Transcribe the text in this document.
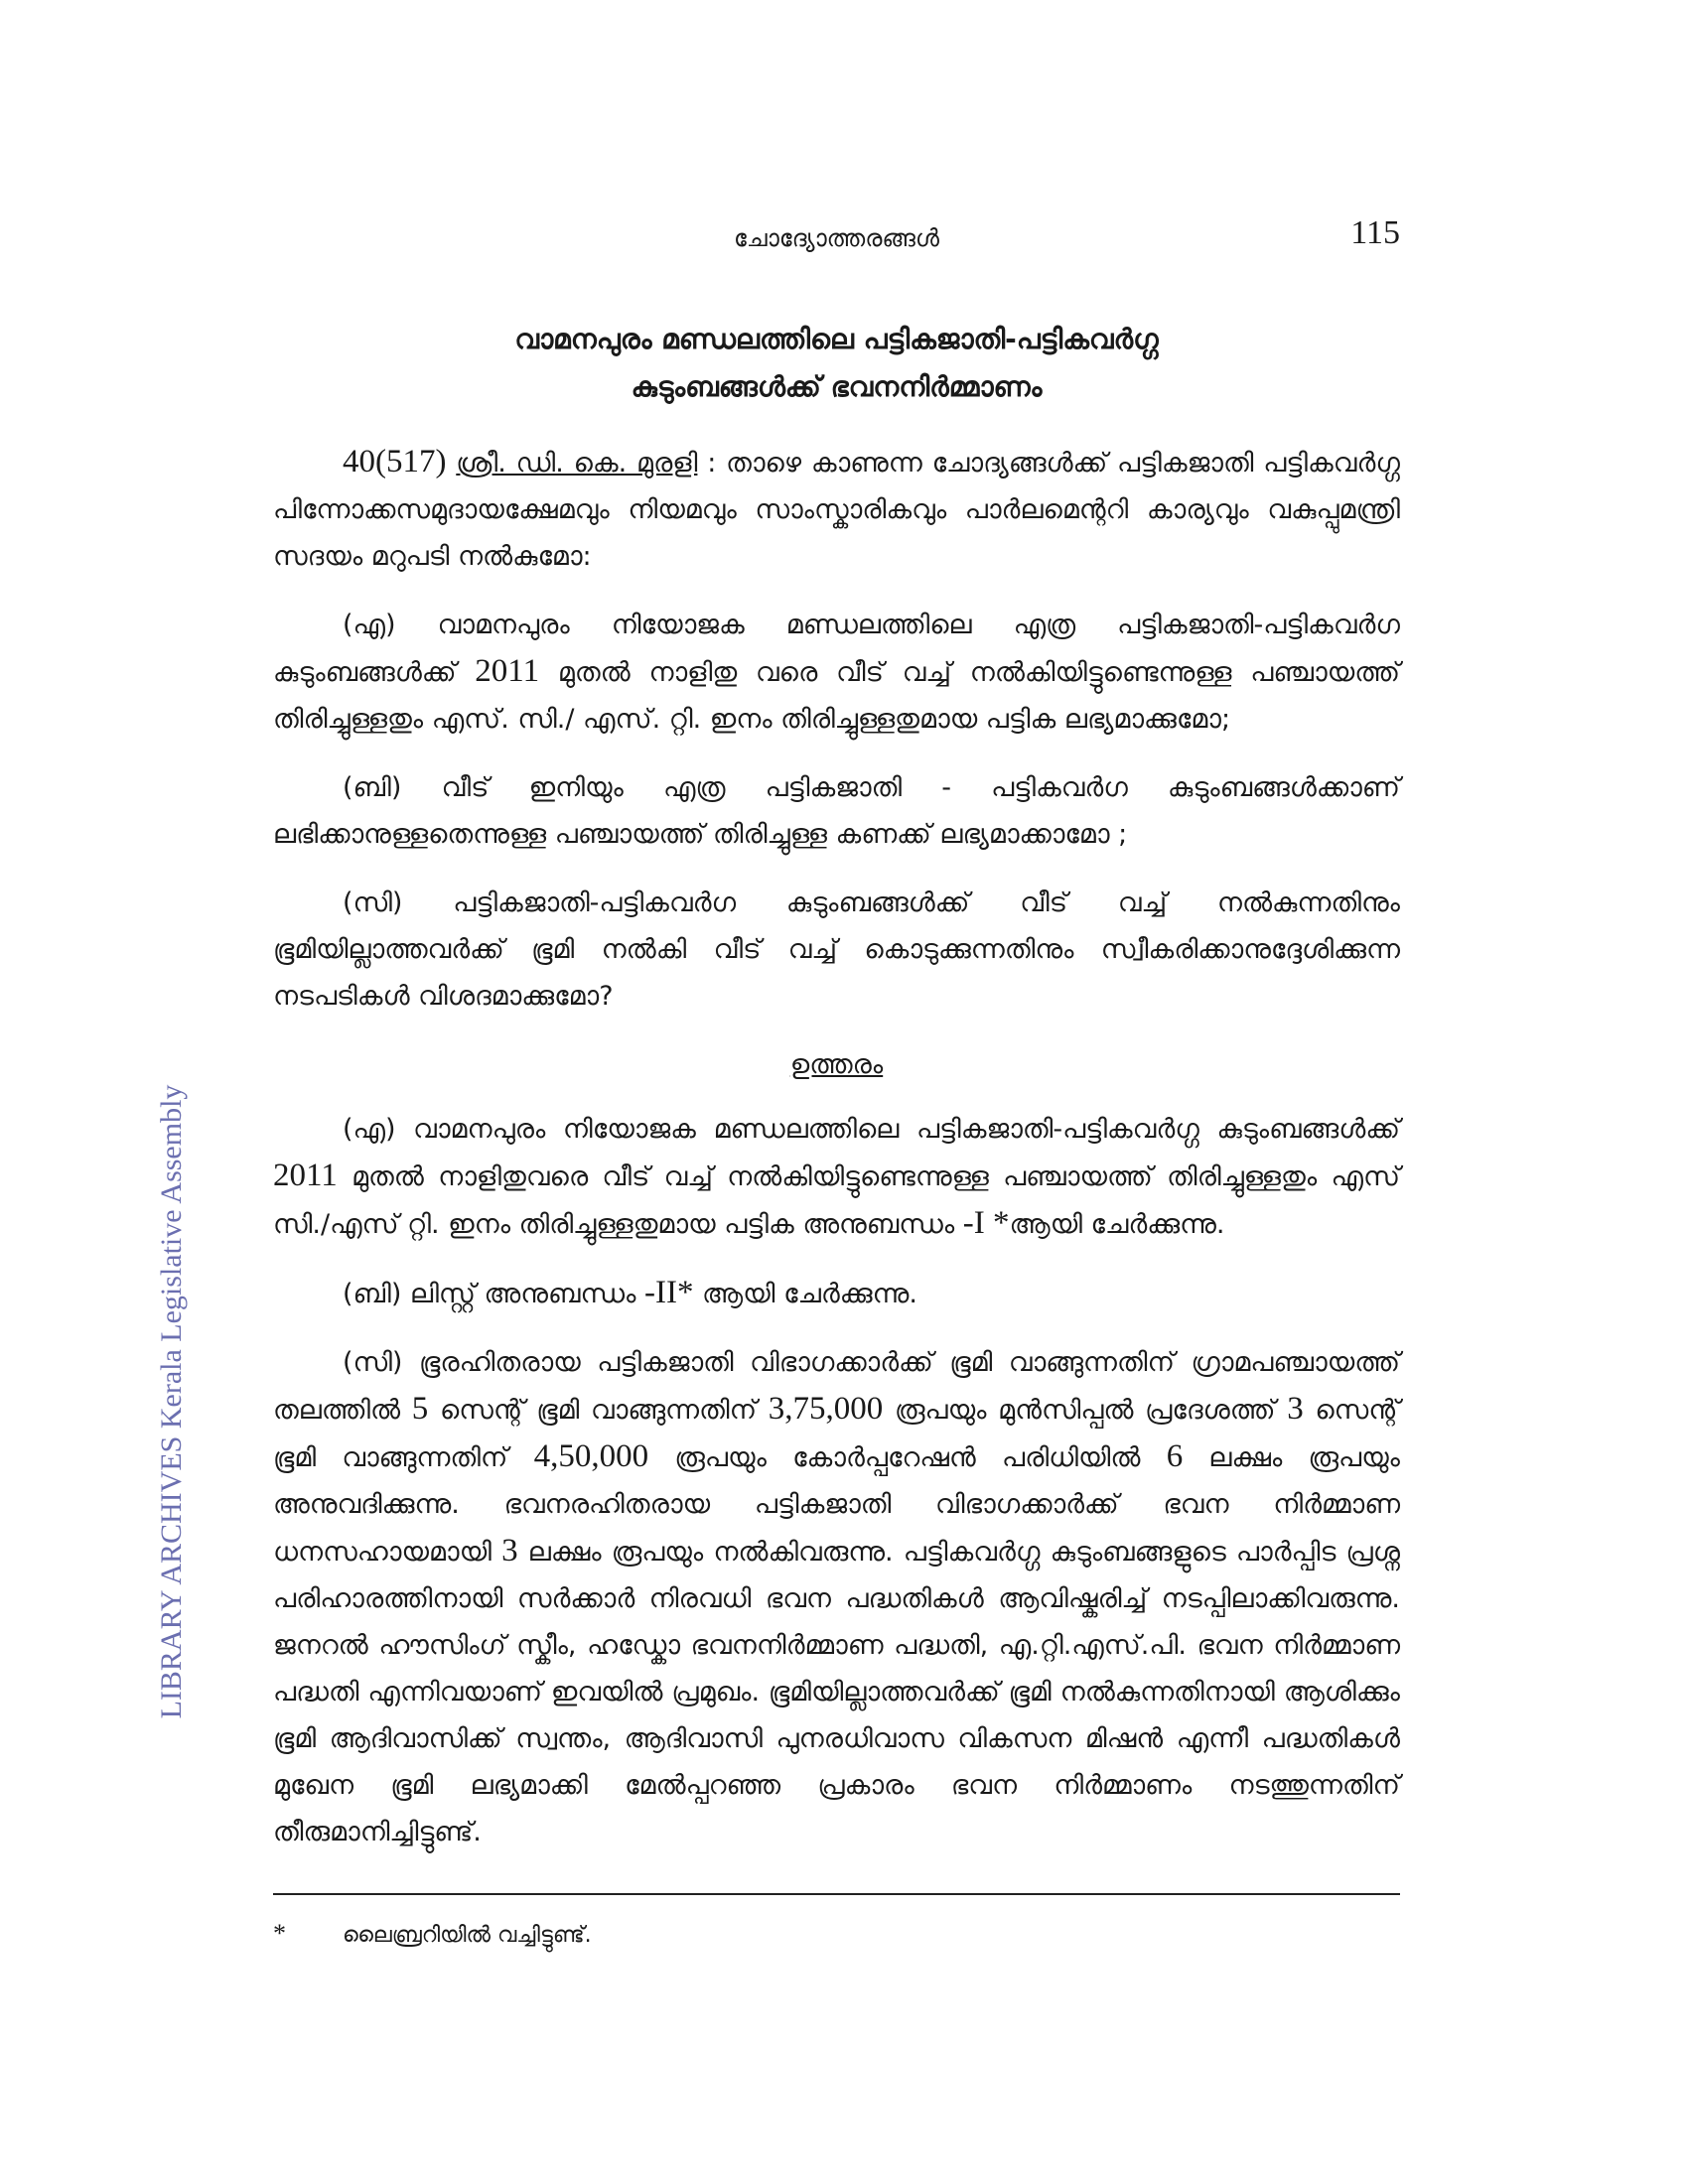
ചോദ്യോത്തരങ്ങൾ	115
LIBRARY ARCHIVES Kerala Legislative Assembly
വാമനപുരം മണ്ഡലത്തിലെ പട്ടികജാതി-പട്ടികവർഗ്ഗ
കുടുംബങ്ങൾക്ക് ഭവനനിർമ്മാണം

40(517) ശ്രീ. ഡി. കെ. മുരളി : താഴെ കാണുന്ന ചോദ്യങ്ങൾക്ക് പട്ടികജാതി പട്ടികവർഗ്ഗ പിന്നോക്കസമുദായക്ഷേമവും നിയമവും സാംസ്കാരികവും പാർലമെന്ററി കാര്യവും വകുപ്പുമന്ത്രി സദയം മറുപടി നൽകുമോ:

(എ) വാമനപുരം നിയോജക മണ്ഡലത്തിലെ എത്ര പട്ടികജാതി-പട്ടികവർഗ കുടുംബങ്ങൾക്ക് 2011 മുതൽ നാളിതു വരെ വീട് വച്ച് നൽകിയിട്ടുണ്ടെന്നുള്ള പഞ്ചായത്ത് തിരിച്ചുള്ളതും എസ്. സി./ എസ്. റ്റി. ഇനം തിരിച്ചുള്ളതുമായ പട്ടിക ലഭ്യമാക്കുമോ;

(ബി) വീട് ഇനിയും എത്ര പട്ടികജാതി - പട്ടികവർഗ കുടുംബങ്ങൾക്കാണ് ലഭിക്കാനുള്ളതെന്നുള്ള പഞ്ചായത്ത് തിരിച്ചുള്ള കണക്ക് ലഭ്യമാക്കാമോ ;

(സി) പട്ടികജാതി-പട്ടികവർഗ കുടുംബങ്ങൾക്ക് വീട് വച്ച് നൽകുന്നതിനും ഭൂമിയില്ലാത്തവർക്ക് ഭൂമി നൽകി വീട് വച്ച് കൊടുക്കുന്നതിനും സ്വീകരിക്കാനുദ്ദേശിക്കുന്ന നടപടികൾ വിശദമാക്കുമോ?

ഉത്തരം

(എ) വാമനപുരം നിയോജക മണ്ഡലത്തിലെ പട്ടികജാതി-പട്ടികവർഗ്ഗ കുടുംബങ്ങൾക്ക് 2011 മുതൽ നാളിതുവരെ വീട് വച്ച് നൽകിയിട്ടുണ്ടെന്നുള്ള പഞ്ചായത്ത് തിരിച്ചുള്ളതും എസ് സി./എസ് റ്റി. ഇനം തിരിച്ചുള്ളതുമായ പട്ടിക അനുബന്ധം -I *ആയി ചേർക്കുന്നു.

(ബി) ലിസ്റ്റ് അനുബന്ധം -II* ആയി ചേർക്കുന്നു.

(സി) ഭൂരഹിതരായ പട്ടികജാതി വിഭാഗക്കാർക്ക് ഭൂമി വാങ്ങുന്നതിന് ഗ്രാമപഞ്ചായത്ത് തലത്തിൽ 5 സെന്റ് ഭൂമി വാങ്ങുന്നതിന് 3,75,000 രൂപയും മുൻസിപ്പൽ പ്രദേശത്ത് 3 സെന്റ് ഭൂമി വാങ്ങുന്നതിന് 4,50,000 രൂപയും കോർപ്പറേഷൻ പരിധിയിൽ 6 ലക്ഷം രൂപയും അനുവദിക്കുന്നു. ഭവനരഹിതരായ പട്ടികജാതി വിഭാഗക്കാർക്ക് ഭവന നിർമ്മാണ ധനസഹായമായി 3 ലക്ഷം രൂപയും നൽകിവരുന്നു. പട്ടികവർഗ്ഗ കുടുംബങ്ങളുടെ പാർപ്പിട പ്രശ്ന പരിഹാരത്തിനായി സർക്കാർ നിരവധി ഭവന പദ്ധതികൾ ആവിഷ്കരിച്ച് നടപ്പിലാക്കിവരുന്നു. ജനറൽ ഹൗസിംഗ് സ്കീം, ഹഡ്കോ ഭവനനിർമ്മാണ പദ്ധതി, എ.റ്റി.എസ്.പി. ഭവന നിർമ്മാണ പദ്ധതി എന്നിവയാണ് ഇവയിൽ പ്രമുഖം. ഭൂമിയില്ലാത്തവർക്ക് ഭൂമി നൽകുന്നതിനായി ആശിക്കും ഭൂമി ആദിവാസിക്ക് സ്വന്തം, ആദിവാസി പുനരധിവാസ വികസന മിഷൻ എന്നീ പദ്ധതികൾ മുഖേന ഭൂമി ലഭ്യമാക്കി മേൽപ്പറഞ്ഞ പ്രകാരം ഭവന നിർമ്മാണം നടത്തുന്നതിന് തീരുമാനിച്ചിട്ടുണ്ട്.

*	ലൈബ്രറിയിൽ വച്ചിട്ടുണ്ട്.
